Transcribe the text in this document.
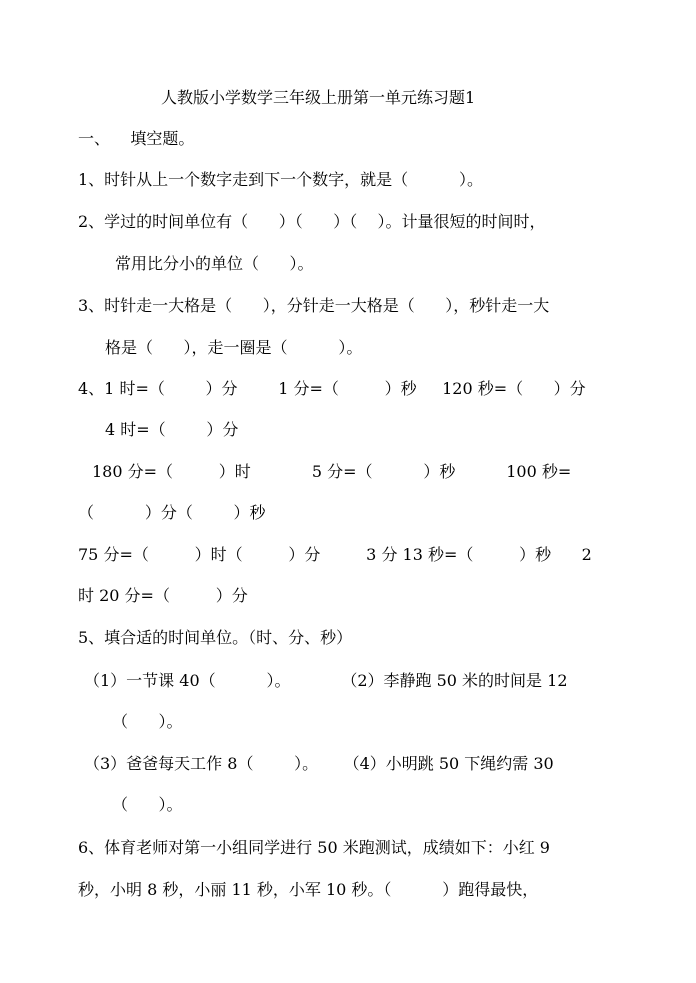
人教版小学数学三年级上册第一单元练习题1
一、    填空题。
1、时针从上一个数字走到下一个数字，就是（          ）。
2、学过的时间单位有（      ）（      ）（    ）。计量很短的时间时，
常用比分小的单位（      ）。
3、时针走一大格是（      ），分针走一大格是（      ），秒针走一大
格是（      ），走一圈是（          ）。
4、1 时=（        ）分        1 分=（         ）秒     120 秒=（      ）分
4 时=（        ）分
180 分=（         ）时            5 分=（          ）秒          100 秒=
（          ）分（        ）秒
75 分=（         ）时（         ）分         3 分 13 秒=（         ）秒      2
时 20 分=（         ）分
5、填合适的时间单位。（时、分、秒）
（1）一节课 40（          ）。          （2）李静跑 50 米的时间是 12
（      ）。
（3）爸爸每天工作 8（        ）。     （4）小明跳 50 下绳约需 30
（      ）。
6、体育老师对第一小组同学进行 50 米跑测试，成绩如下：小红 9
秒，小明 8 秒，小丽 11 秒，小军 10 秒。（          ）跑得最快，
